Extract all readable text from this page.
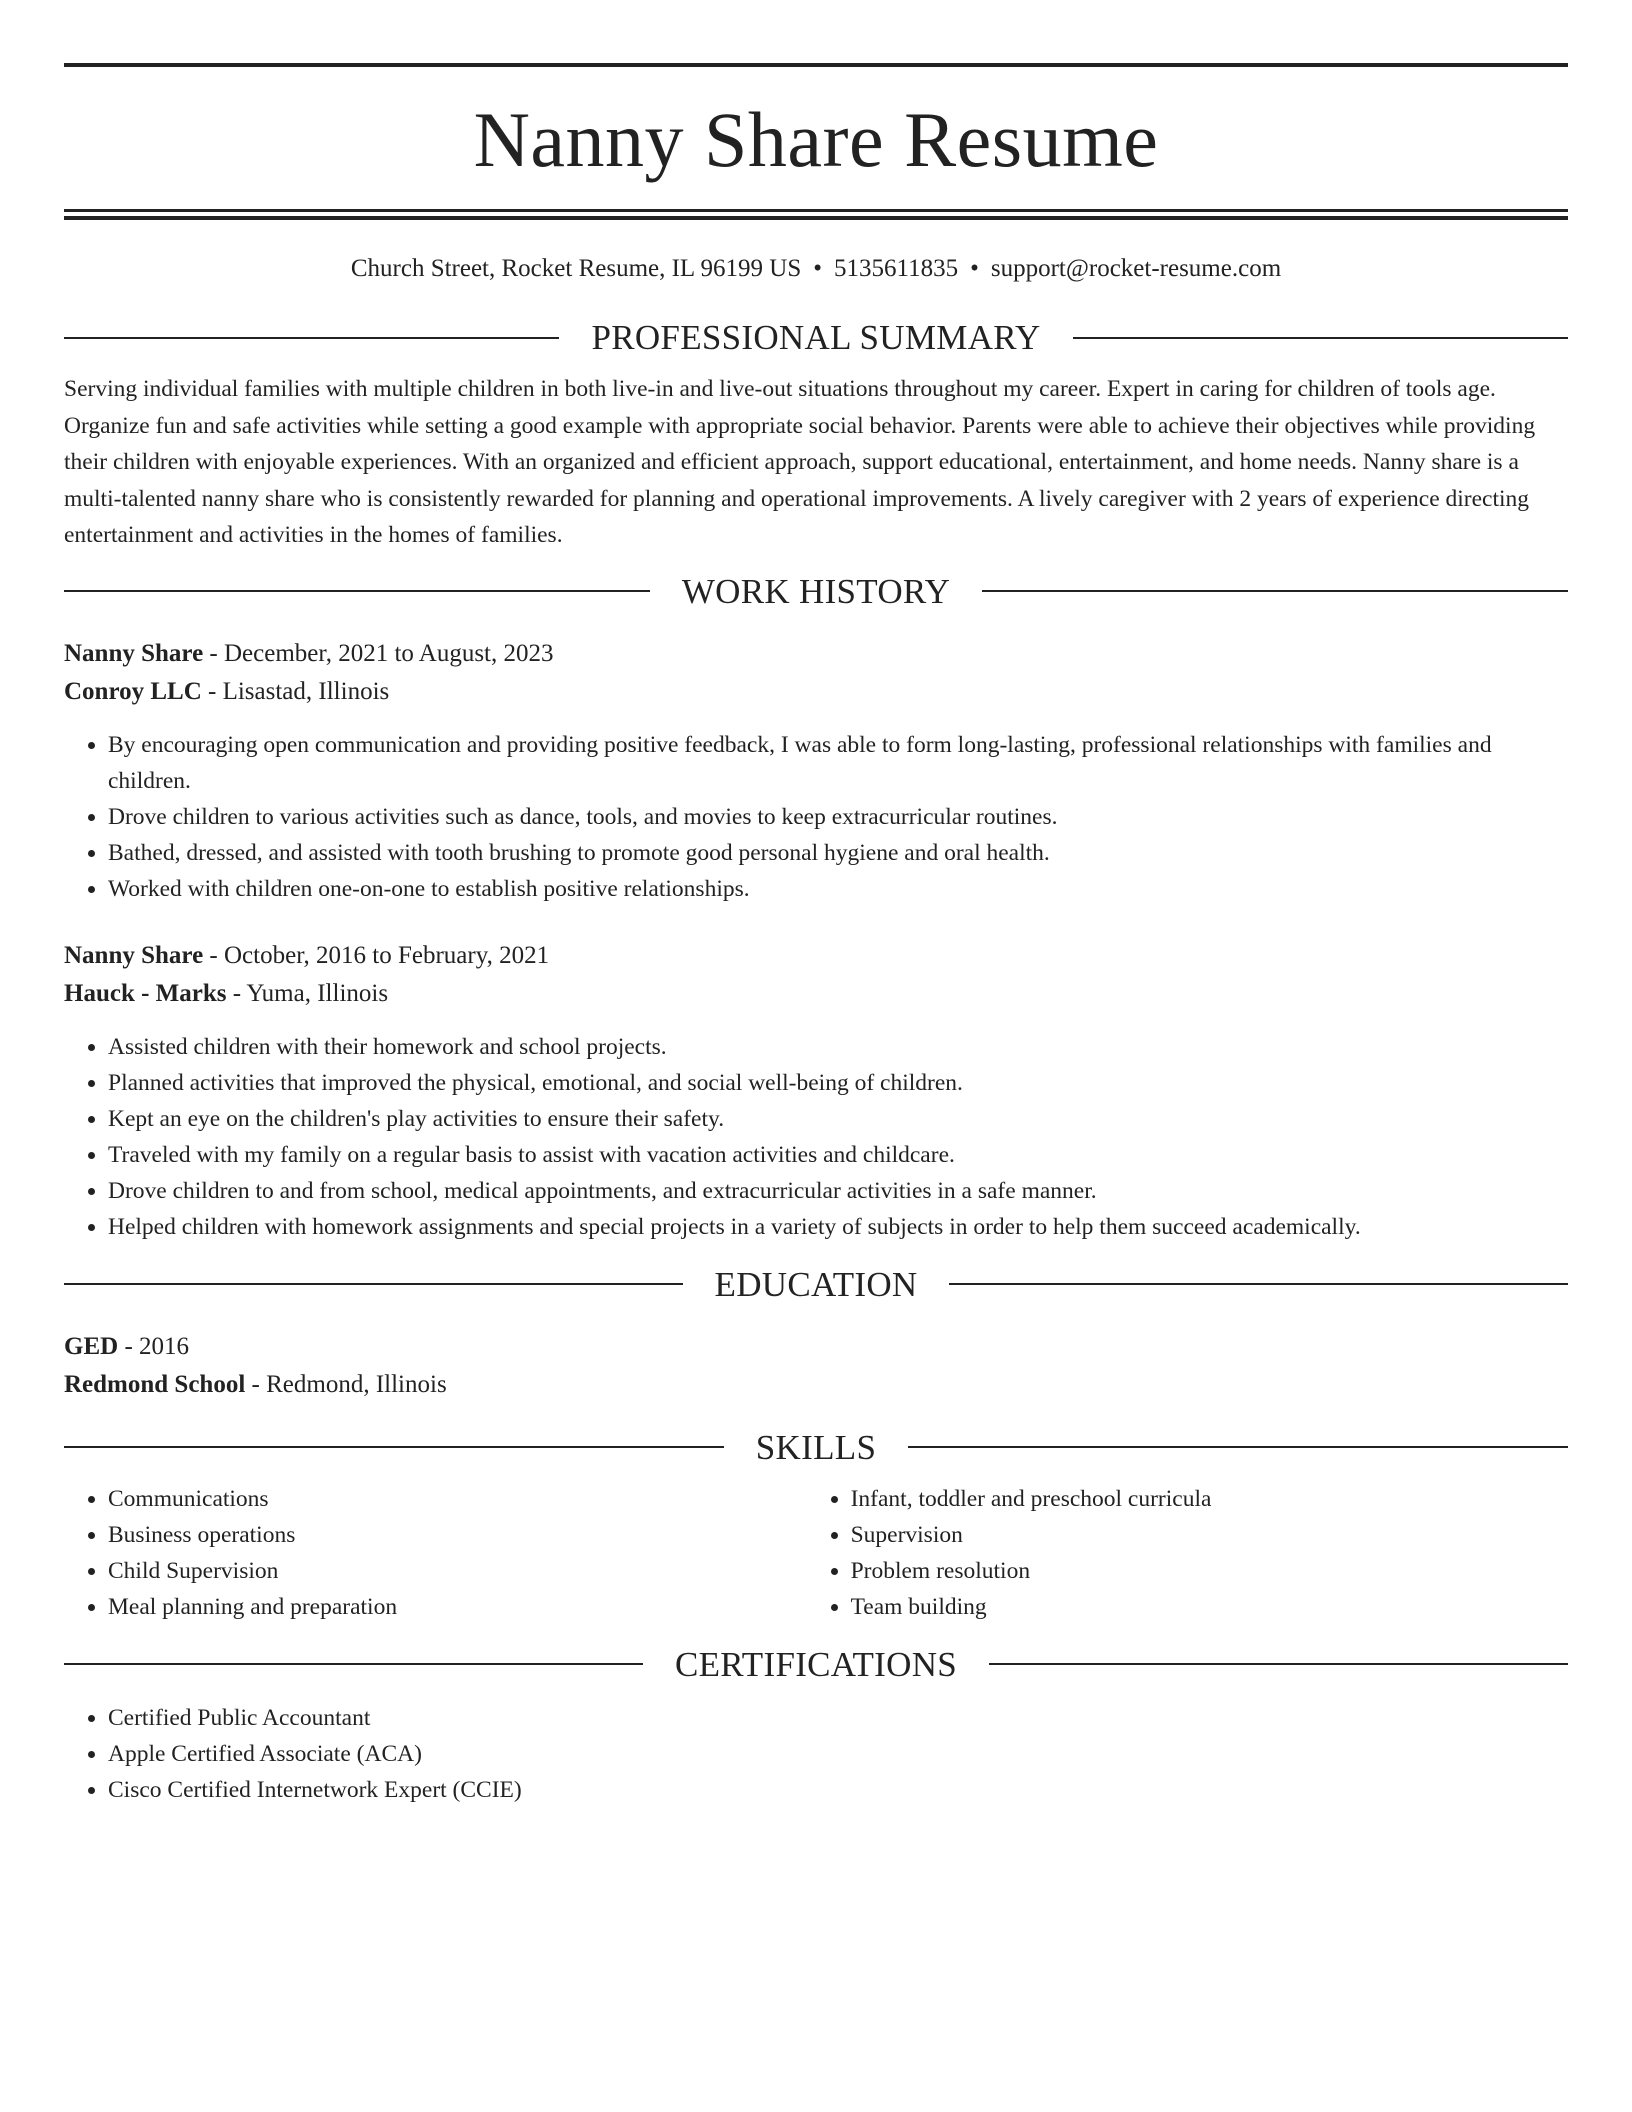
Nanny Share Resume
Church Street, Rocket Resume, IL 96199 US • 5135611835 • support@rocket-resume.com
PROFESSIONAL SUMMARY

Serving individual families with multiple children in both live-in and live-out situations throughout my career. Expert in caring for children of tools age. Organize fun and safe activities while setting a good example with appropriate social behavior. Parents were able to achieve their objectives while providing their children with enjoyable experiences. With an organized and efficient approach, support educational, entertainment, and home needs. Nanny share is a multi-talented nanny share who is consistently rewarded for planning and operational improvements. A lively caregiver with 2 years of experience directing entertainment and activities in the homes of families.

WORK HISTORY
Nanny Share - December, 2021 to August, 2023
Conroy LLC - Lisastad, Illinois
• By encouraging open communication and providing positive feedback, I was able to form long-lasting, professional relationships with families and children.
• Drove children to various activities such as dance, tools, and movies to keep extracurricular routines.
• Bathed, dressed, and assisted with tooth brushing to promote good personal hygiene and oral health.
• Worked with children one-on-one to establish positive relationships.
Nanny Share - October, 2016 to February, 2021
Hauck - Marks - Yuma, Illinois
• Assisted children with their homework and school projects.
• Planned activities that improved the physical, emotional, and social well-being of children.
• Kept an eye on the children's play activities to ensure their safety.
• Traveled with my family on a regular basis to assist with vacation activities and childcare.
• Drove children to and from school, medical appointments, and extracurricular activities in a safe manner.
• Helped children with homework assignments and special projects in a variety of subjects in order to help them succeed academically.
EDUCATION
GED - 2016
Redmond School - Redmond, Illinois
SKILLS
• Communications
• Business operations
• Child Supervision
• Meal planning and preparation
• Infant, toddler and preschool curricula
• Supervision
• Problem resolution
• Team building
CERTIFICATIONS
• Certified Public Accountant
• Apple Certified Associate (ACA)
• Cisco Certified Internetwork Expert (CCIE)
